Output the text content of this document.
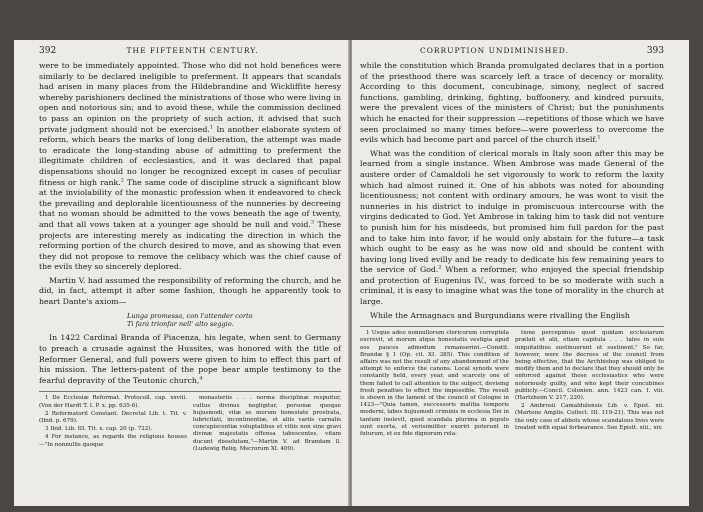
392	THE FIFTEENTH CENTURY.

were to be immediately appointed. Those who did not hold benefices were similarly to be declared ineligible to preferment. It appears that scandals had arisen in many places from the Hildebrandine and Wickliffite heresy whereby parishioners declined the ministrations of those who were living in open and notorious sin; and to avoid these, while the commission declined to pass an opinion on the propriety of such action, it advised that such private judgment should not be exercised.$^1$ In another elaborate system of reform, which bears the marks of long deliberation, the attempt was made to eradicate the long-standing abuse of admitting to preferment the illegitimate children of ecclesiastics, and it was declared that papal dispensations should no longer be recognized except in cases of peculiar fitness or high rank.$^2$ The same code of discipline struck a significant blow at the inviolability of the monastic profession when it endeavored to check the prevailing and deplorable licentiousness of the nunneries by decreeing that no woman should be admitted to the vows beneath the age of twenty, and that all vows taken at a younger age should be null and void.$^3$ These projects are interesting merely as indicating the direction in which the reforming portion of the church desired to move, and as showing that even they did not propose to remove the celibacy which was the chief cause of the evils they so sincerely deplored.

Martin V. had assumed the responsibility of reforming the church, and he did, in fact, attempt it after some fashion, though he apparently took to heart Dante's axiom—

Lunga promessa, con l'attender corto
Ti farà trionfar nell' alto seggio.

In 1422 Cardinal Branda of Piacenza, his legate, when sent to Germany to preach a crusade against the Hussites, was honored with the title of Reformer General, and full powers were given to him to effect this part of his mission. The letters-patent of the pope bear ample testimony to the fearful depravity of the Teutonic church,$^4$

1 De Ecclesiæ Reformat. Protocoll. cap. xxviii. (Von der Hardt T. I. P. x. pp. 635-6).

2 Reformatoril Constant. Decretal Lib. t. Tit. v. (Ibid. p. 679).

3 Ibid. Lib. III. Tit. x. cap. 20 (p. 722).

4 For instance, as regards the religious houses—"In nonnullis quoque

monasteriis . . . norma disciplinæ respuitur, cultus divinus negligitur, personæ quoque hujusmodi, vitæ se morum honestate prostrata, lubricitati, incontinentiæ, et aliis variis carnalis concupiscentiæ voluptatibus et vitiis non sine gravi divinæ majestatis offensa tabescentes, vitam ducunt dissolutam,"—Martin V. ad Brandam ll. (Ludewig Reliq. Mscrorum XI. 409).

CORRUPTION UNDIMINISHED.	393

while the constitution which Branda promulgated declares that in a portion of the priesthood there was scarcely left a trace of decency or morality. According to this document, concubinage, simony, neglect of sacred functions, gambling, drinking, fighting, buffoonery, and kindred pursuits, were the prevalent vices of the ministers of Christ; but the punishments which he enacted for their suppression —repetitions of those which we have seen proclaimed so many times before—were powerless to overcome the evils which had become part and parcel of the church itself.$^1$

What was the condition of clerical morals in Italy soon after this may be learned from a single instance. When Ambrose was made General of the austere order of Camaldoli he set vigorously to work to reform the laxity which had almost ruined it. One of his abbots was noted for abounding licentiousness; not content with ordinary amours, he was wont to visit the nunneries in his district to indulge in promiscuous intercourse with the virgins dedicated to God. Yet Ambrose in taking him to task did not venture to punish him for his misdeeds, but promised him full pardon for the past and to take him into favor, if he would only abstain for the future—a task which ought to be easy as he was now old and should be content with having long lived evilly and be ready to dedicate his few remaining years to the service of God.$^2$ When a reformer, who enjoyed the special friendship and protection of Eugenius IV., was forced to be so moderate with such a criminal, it is easy to imagine what was the tone of morality in the church at large.

While the Armagnacs and Burgundians were rivalling the English

1 Usque adeo nonnullorum clericorum correptela excrevit, ut morum atque honestatis vestigia apud eos paucos admodum remanserint.—Constit. Brandæ § 1 (Op. cit. XI. 385). This condition of affairs was not the result of any abandonment of the attempt to enforce the canons. Local synods were constantly held, every year, and scarcely one of them failed to call attention to the subject, devising fresh penalties to effect the impossible. The result is shown in the lament of the council of Cologne in 1423—"Quia tamen, successoris malitia temporis moderni, labes hujusmodi criminis in ecclesia Dei in tantum inolevit, quod scandala plurima in populo sunt exorta, et verisimiliter exoriri poterunt in futurum, et ex fide dignorum rela-

tione percepimus quod quidam ecclesiarum prælati et alii, etiam capitula . . . tales in suis iniquitatibus sustinuerunt et sustinent." So far, however, were the decrees of the council from being effective, that the Archbishop was obliged to modify them and to declare that they should only be enforced against those ecclesiastics who were notoriously guilty, and who kept their concubines publicly.—Concil. Colonien. ann. 1423 can. I. viii. (Hartzheim V. 217, 220).

2 Ambrosii Camaldulensis Lib. v. Epist. xii. (Martene Amplis. Collect. III. 119-21). This was not the only case of abbots whose scandalous lives were treated with equal forbearance. See Epistt. xiii., xiv.
